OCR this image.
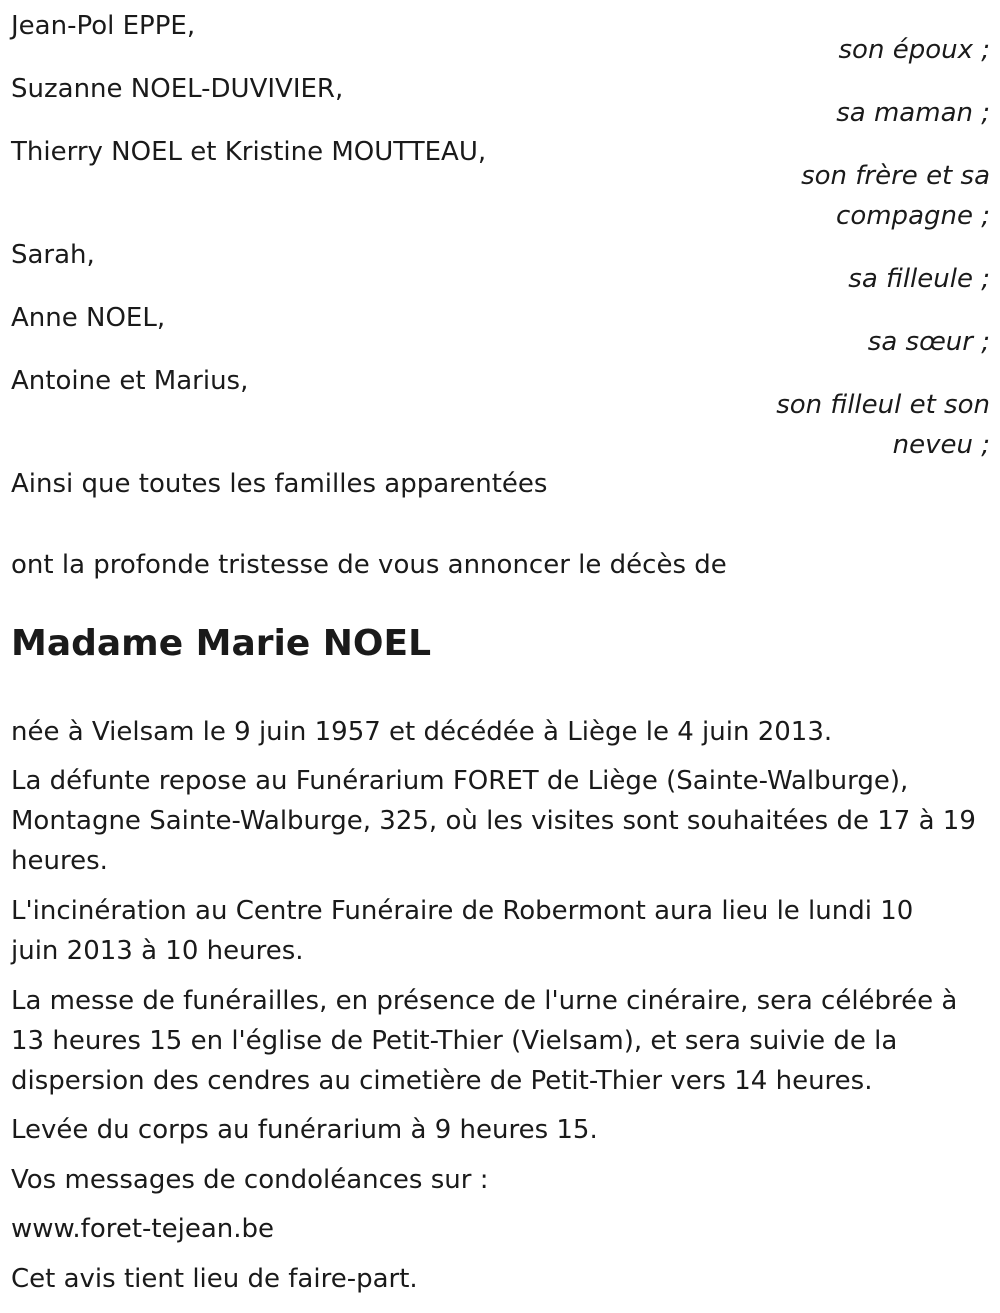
Jean-Pol EPPE,
son époux ;
Suzanne NOEL-DUVIVIER,
sa maman ;
Thierry NOEL et Kristine MOUTTEAU,
son frère et sa
compagne ;
Sarah,
sa filleule ;
Anne NOEL,
sa sœur ;
Antoine et Marius,
son filleul et son
neveu ;
Ainsi que toutes les familles apparentées
ont la profonde tristesse de vous annoncer le décès de
Madame Marie NOEL
née à Vielsam le 9 juin 1957 et décédée à Liège le 4 juin 2013.
La défunte repose au Funérarium FORET de Liège (Sainte-Walburge),
Montagne Sainte-Walburge, 325, où les visites sont souhaitées de 17 à 19
heures.
L'incinération au Centre Funéraire de Robermont aura lieu le lundi 10
juin 2013 à 10 heures.
La messe de funérailles, en présence de l'urne cinéraire, sera célébrée à
13 heures 15 en l'église de Petit-Thier (Vielsam), et sera suivie de la
dispersion des cendres au cimetière de Petit-Thier vers 14 heures.
Levée du corps au funérarium à 9 heures 15.
Vos messages de condoléances sur :
www.foret-tejean.be
Cet avis tient lieu de faire-part.
